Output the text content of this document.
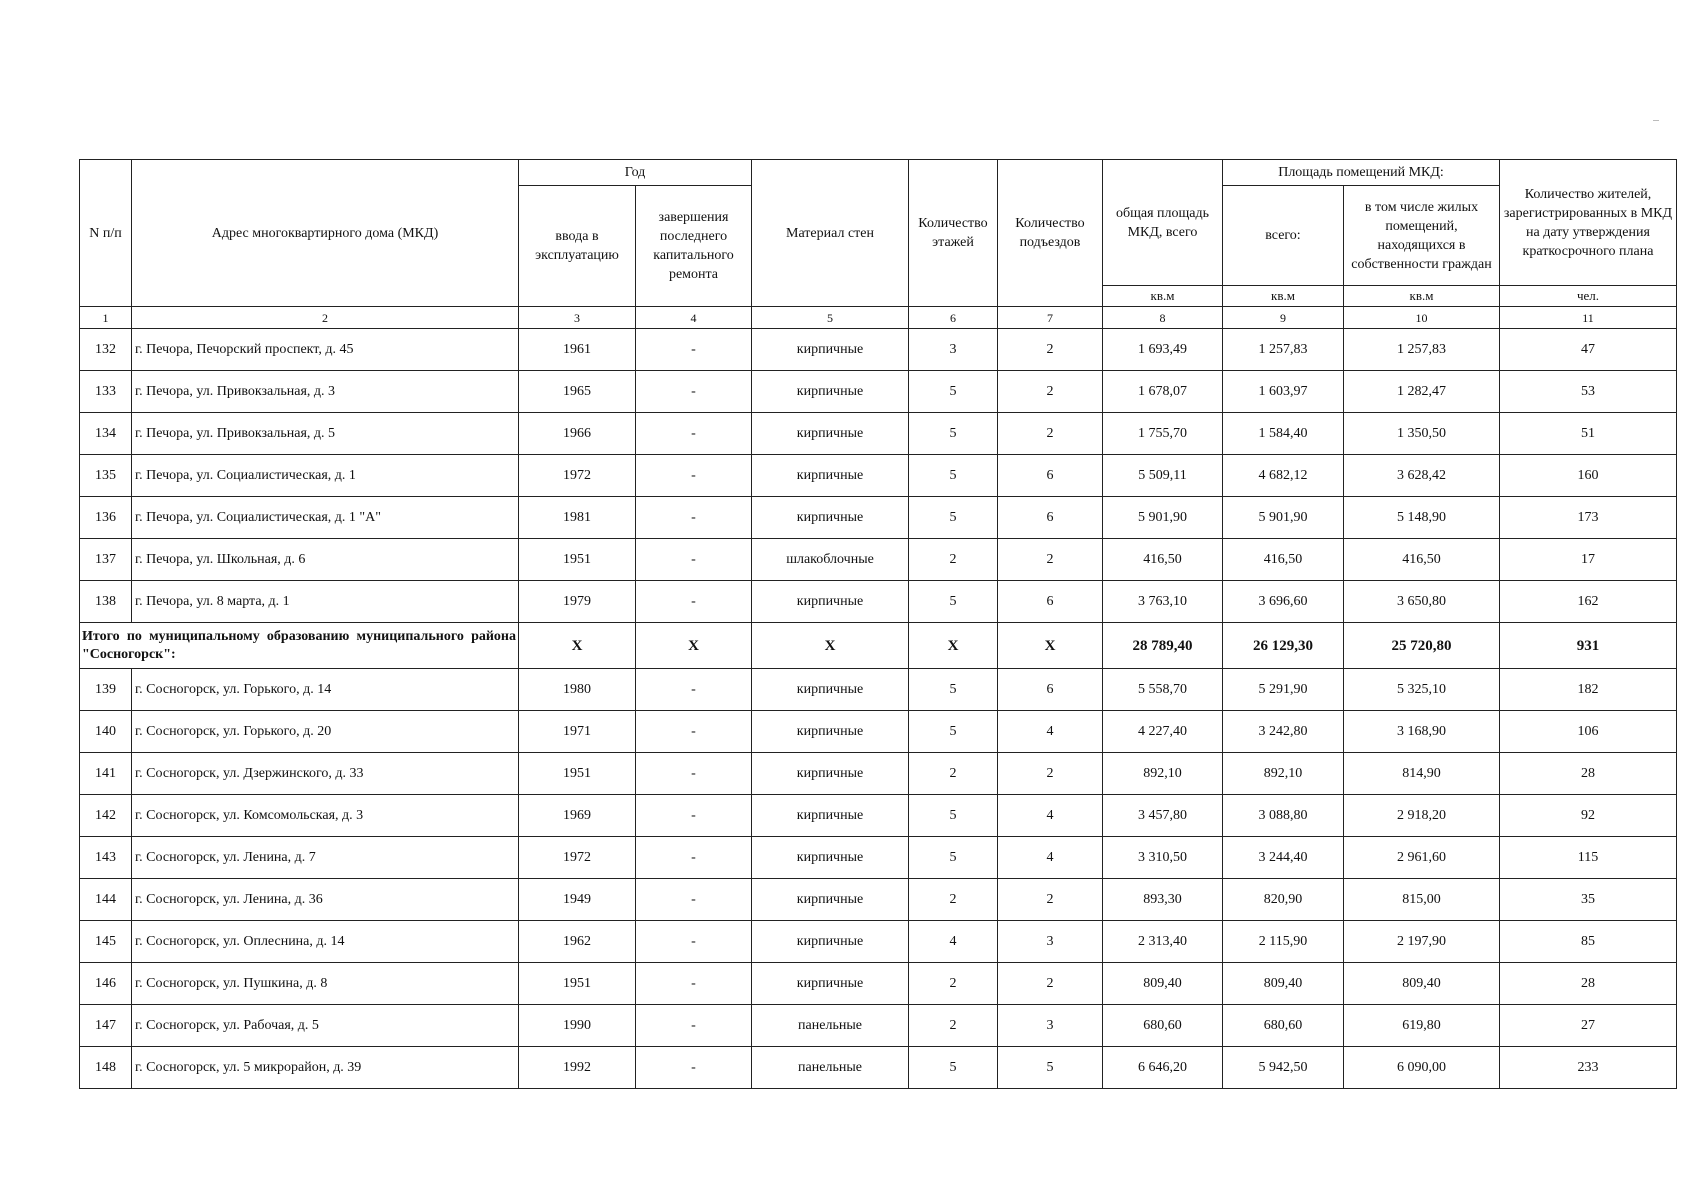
N п/п	Адрес многоквартирного дома (МКД)	Год		Материал стен	Количество этажей	Количество подъездов	общая площадь МКД, всего	Площадь помещений МКД:		Количество жителей, зарегистрированных в МКД на дату утверждения краткосрочного плана
		ввода в эксплуатацию	завершения последнего капитального ремонта					всего:	в том числе жилых помещений, находящихся в собственности граждан	
							кв.м	кв.м	кв.м	чел.
1	2	3	4	5	6	7	8	9	10	11
132	г. Печора, Печорский проспект, д. 45	1961	-	кирпичные	3	2	1 693,49	1 257,83	1 257,83	47
133	г. Печора, ул. Привокзальная, д. 3	1965	-	кирпичные	5	2	1 678,07	1 603,97	1 282,47	53
134	г. Печора, ул. Привокзальная, д. 5	1966	-	кирпичные	5	2	1 755,70	1 584,40	1 350,50	51
135	г. Печора, ул. Социалистическая, д. 1	1972	-	кирпичные	5	6	5 509,11	4 682,12	3 628,42	160
136	г. Печора, ул. Социалистическая, д. 1 "А"	1981	-	кирпичные	5	6	5 901,90	5 901,90	5 148,90	173
137	г. Печора, ул. Школьная, д. 6	1951	-	шлакоблочные	2	2	416,50	416,50	416,50	17
138	г. Печора, ул. 8 марта, д. 1	1979	-	кирпичные	5	6	3 763,10	3 696,60	3 650,80	162
Итого по муниципальному образованию муниципального района "Сосногорск":		X	X	X	X	X	28 789,40	26 129,30	25 720,80	931
139	г. Сосногорск, ул. Горького, д. 14	1980	-	кирпичные	5	6	5 558,70	5 291,90	5 325,10	182
140	г. Сосногорск, ул. Горького, д. 20	1971	-	кирпичные	5	4	4 227,40	3 242,80	3 168,90	106
141	г. Сосногорск, ул. Дзержинского, д. 33	1951	-	кирпичные	2	2	892,10	892,10	814,90	28
142	г. Сосногорск, ул. Комсомольская, д. 3	1969	-	кирпичные	5	4	3 457,80	3 088,80	2 918,20	92
143	г. Сосногорск, ул. Ленина, д. 7	1972	-	кирпичные	5	4	3 310,50	3 244,40	2 961,60	115
144	г. Сосногорск, ул. Ленина, д. 36	1949	-	кирпичные	2	2	893,30	820,90	815,00	35
145	г. Сосногорск, ул. Оплеснина, д. 14	1962	-	кирпичные	4	3	2 313,40	2 115,90	2 197,90	85
146	г. Сосногорск, ул. Пушкина, д. 8	1951	-	кирпичные	2	2	809,40	809,40	809,40	28
147	г. Сосногорск, ул. Рабочая, д. 5	1990	-	панельные	2	3	680,60	680,60	619,80	27
148	г. Сосногорск, ул. 5 микрорайон, д. 39	1992	-	панельные	5	5	6 646,20	5 942,50	6 090,00	233
